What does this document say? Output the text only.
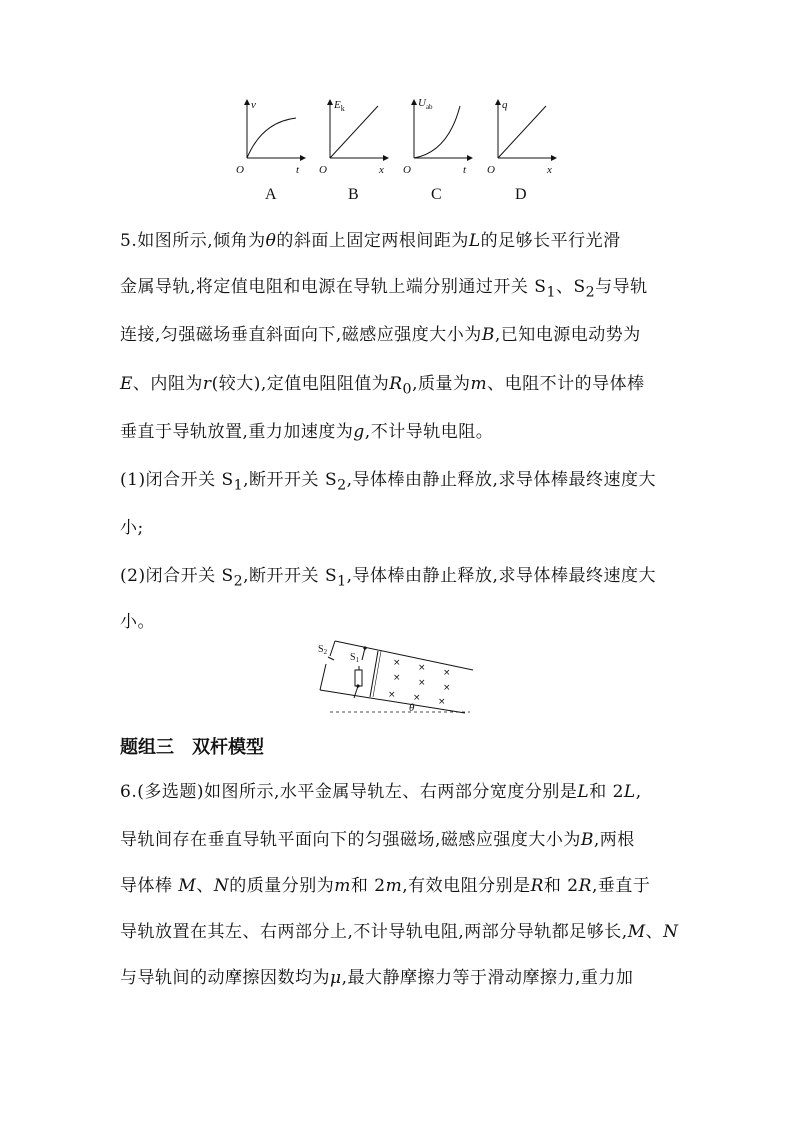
v
t
O
$E_k$
x
O
$U_{ab}$
t
O
q
x
O
A	B	C	D
5.如图所示,倾角为θ的斜面上固定两根间距为L的足够长平行光滑
金属导轨,将定值电阻和电源在导轨上端分别通过开关 $S_1$、$S_2$与导轨
连接,匀强磁场垂直斜面向下,磁感应强度大小为B,已知电源电动势为
E、内阻为r(较大),定值电阻阻值为$R_0$,质量为m、电阻不计的导体棒
垂直于导轨放置,重力加速度为g,不计导轨电阻。
(1)闭合开关 $S_1$,断开开关 $S_2$,导体棒由静止释放,求导体棒最终速度大
小;
(2)闭合开关 $S_2$,断开开关 $S_1$,导体棒由静止释放,求导体棒最终速度大
小。
$S_2$ $S_1$
θ
× × ×
× × ×
× × ×
题组三　双杆模型
6.(多选题)如图所示,水平金属导轨左、右两部分宽度分别是L和 2L,
导轨间存在垂直导轨平面向下的匀强磁场,磁感应强度大小为B,两根
导体棒 M、N的质量分别为m和 2m,有效电阻分别是R和 2R,垂直于
导轨放置在其左、右两部分上,不计导轨电阻,两部分导轨都足够长,M、N
与导轨间的动摩擦因数均为μ,最大静摩擦力等于滑动摩擦力,重力加
